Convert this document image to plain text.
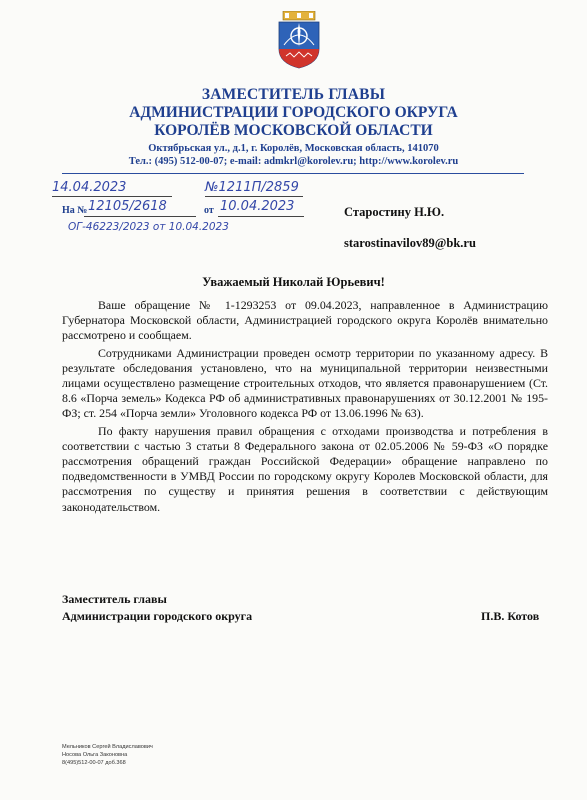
ЗАМЕСТИТЕЛЬ ГЛАВЫ
АДМИНИСТРАЦИИ ГОРОДСКОГО ОКРУГА
КОРОЛЁВ МОСКОВСКОЙ ОБЛАСТИ
Октябрьская ул., д.1, г. Королёв, Московская область, 141070
Тел.: (495) 512-00-07; e-mail: admkrl@korolev.ru; http://www.korolev.ru
14.04.2023	№1211П/2859
На № 12105/2618	от 10.04.2023
ОГ-46223/2023 от 10.04.2023
Старостину Н.Ю.
starostinavilov89@bk.ru
Уважаемый Николай Юрьевич!

Ваше обращение № 1-1293253 от 09.04.2023, направленное в Администрацию Губернатора Московской области, Администрацией городского округа Королёв внимательно рассмотрено и сообщаем.

Сотрудниками Администрации проведен осмотр территории по указанному адресу. В результате обследования установлено, что на муниципальной территории неизвестными лицами осуществлено размещение строительных отходов, что является правонарушением (Ст. 8.6 «Порча земель» Кодекса РФ об административных правонарушениях от 30.12.2001 № 195-ФЗ; ст. 254 «Порча земли» Уголовного кодекса РФ от 13.06.1996 № 63).

По факту нарушения правил обращения с отходами производства и потребления в соответствии с частью 3 статьи 8 Федерального закона от 02.05.2006 № 59-ФЗ «О порядке рассмотрения обращений граждан Российской Федерации» обращение направлено по подведомственности в УМВД России по городскому округу Королев Московской области, для рассмотрения по существу и принятия решения в соответствии с действующим законодательством.

Заместитель главы
Администрации городского округа	П.В. Котов
Мельников Сергей Владиславович
Носова Ольга Законовна
8(495)512-00-07 доб.368
